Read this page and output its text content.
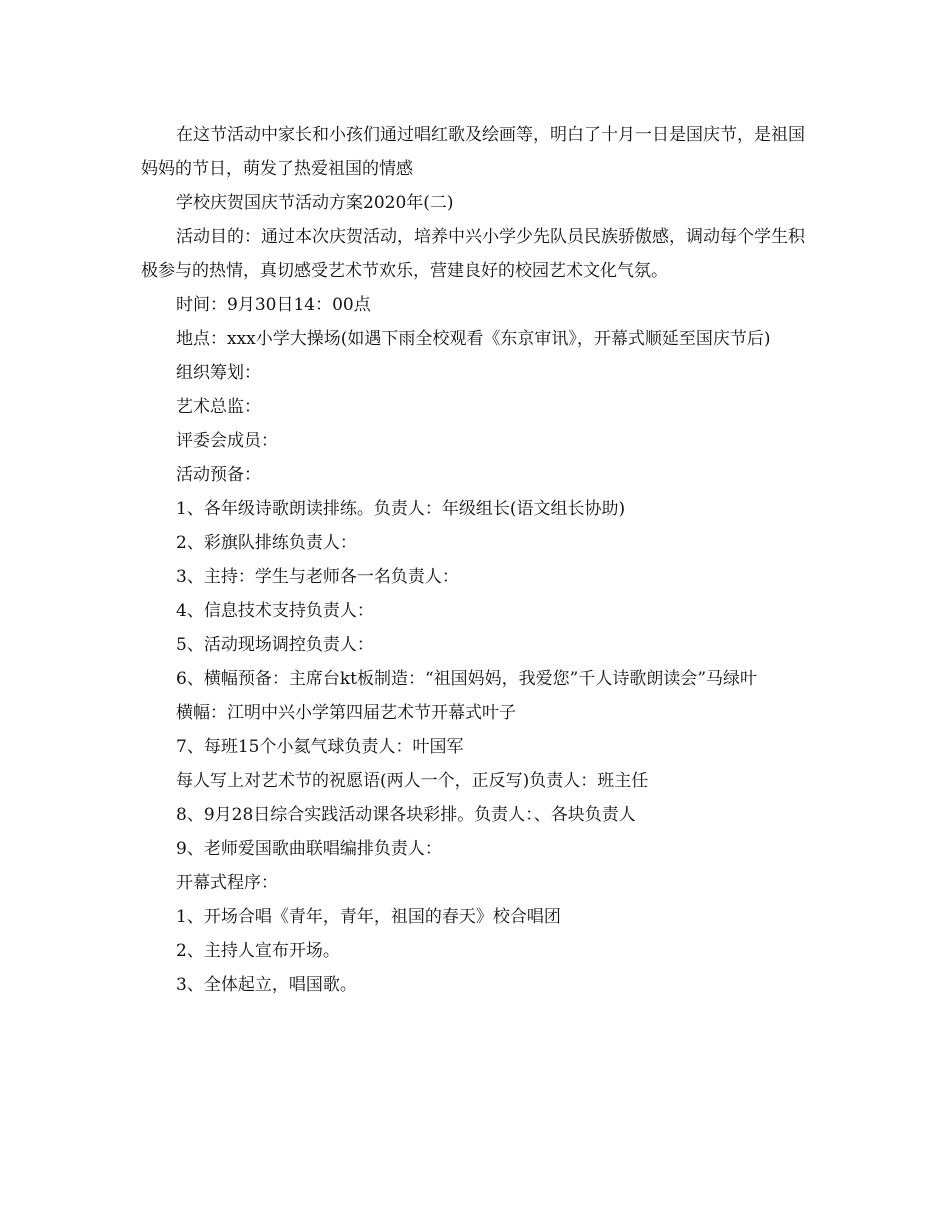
在这节活动中家长和小孩们通过唱红歌及绘画等，明白了十月一日是国庆节，是祖国妈妈的节日，萌发了热爱祖国的情感

学校庆贺国庆节活动方案2020年(二)

活动目的：通过本次庆贺活动，培养中兴小学少先队员民族骄傲感，调动每个学生积极参与的热情，真切感受艺术节欢乐，营建良好的校园艺术文化气氛。

时间：9月30日14：00点

地点：xxx小学大操场(如遇下雨全校观看《东京审讯》，开幕式顺延至国庆节后)

组织筹划：

艺术总监：

评委会成员：

活动预备：

1、各年级诗歌朗读排练。负责人：年级组长(语文组长协助)

2、彩旗队排练负责人：

3、主持：学生与老师各一名负责人：

4、信息技术支持负责人：

5、活动现场调控负责人：

6、横幅预备：主席台kt板制造：“祖国妈妈，我爱您”千人诗歌朗读会”马绿叶

横幅：江明中兴小学第四届艺术节开幕式叶子

7、每班15个小氦气球负责人：叶国军

每人写上对艺术节的祝愿语(两人一个，正反写)负责人：班主任

8、9月28日综合实践活动课各块彩排。负责人：、各块负责人

9、老师爱国歌曲联唱编排负责人：

开幕式程序：

1、开场合唱《青年，青年，祖国的春天》校合唱团

2、主持人宣布开场。

3、全体起立，唱国歌。
